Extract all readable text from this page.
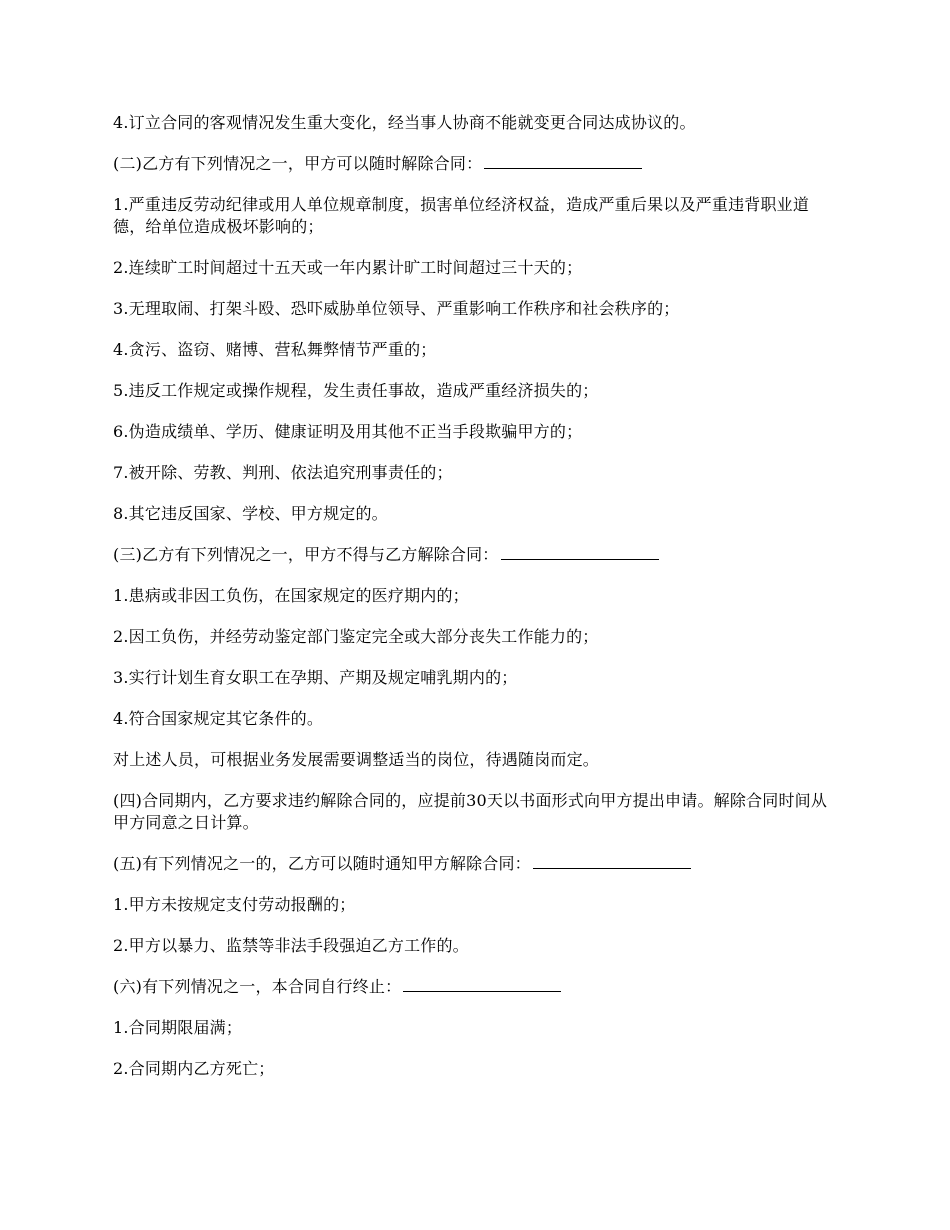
4.订立合同的客观情况发生重大变化，经当事人协商不能就变更合同达成协议的。

(二)乙方有下列情况之一，甲方可以随时解除合同：

1.严重违反劳动纪律或用人单位规章制度，损害单位经济权益，造成严重后果以及严重违背职业道德，给单位造成极坏影响的；

2.连续旷工时间超过十五天或一年内累计旷工时间超过三十天的；

3.无理取闹、打架斗殴、恐吓威胁单位领导、严重影响工作秩序和社会秩序的；

4.贪污、盗窃、赌博、营私舞弊情节严重的；

5.违反工作规定或操作规程，发生责任事故，造成严重经济损失的；

6.伪造成绩单、学历、健康证明及用其他不正当手段欺骗甲方的；

7.被开除、劳教、判刑、依法追究刑事责任的；

8.其它违反国家、学校、甲方规定的。

(三)乙方有下列情况之一，甲方不得与乙方解除合同：

1.患病或非因工负伤，在国家规定的医疗期内的；

2.因工负伤，并经劳动鉴定部门鉴定完全或大部分丧失工作能力的；

3.实行计划生育女职工在孕期、产期及规定哺乳期内的；

4.符合国家规定其它条件的。

对上述人员，可根据业务发展需要调整适当的岗位，待遇随岗而定。

(四)合同期内，乙方要求违约解除合同的，应提前30天以书面形式向甲方提出申请。解除合同时间从甲方同意之日计算。

(五)有下列情况之一的，乙方可以随时通知甲方解除合同：

1.甲方未按规定支付劳动报酬的；

2.甲方以暴力、监禁等非法手段强迫乙方工作的。

(六)有下列情况之一，本合同自行终止：

1.合同期限届满；

2.合同期内乙方死亡；
